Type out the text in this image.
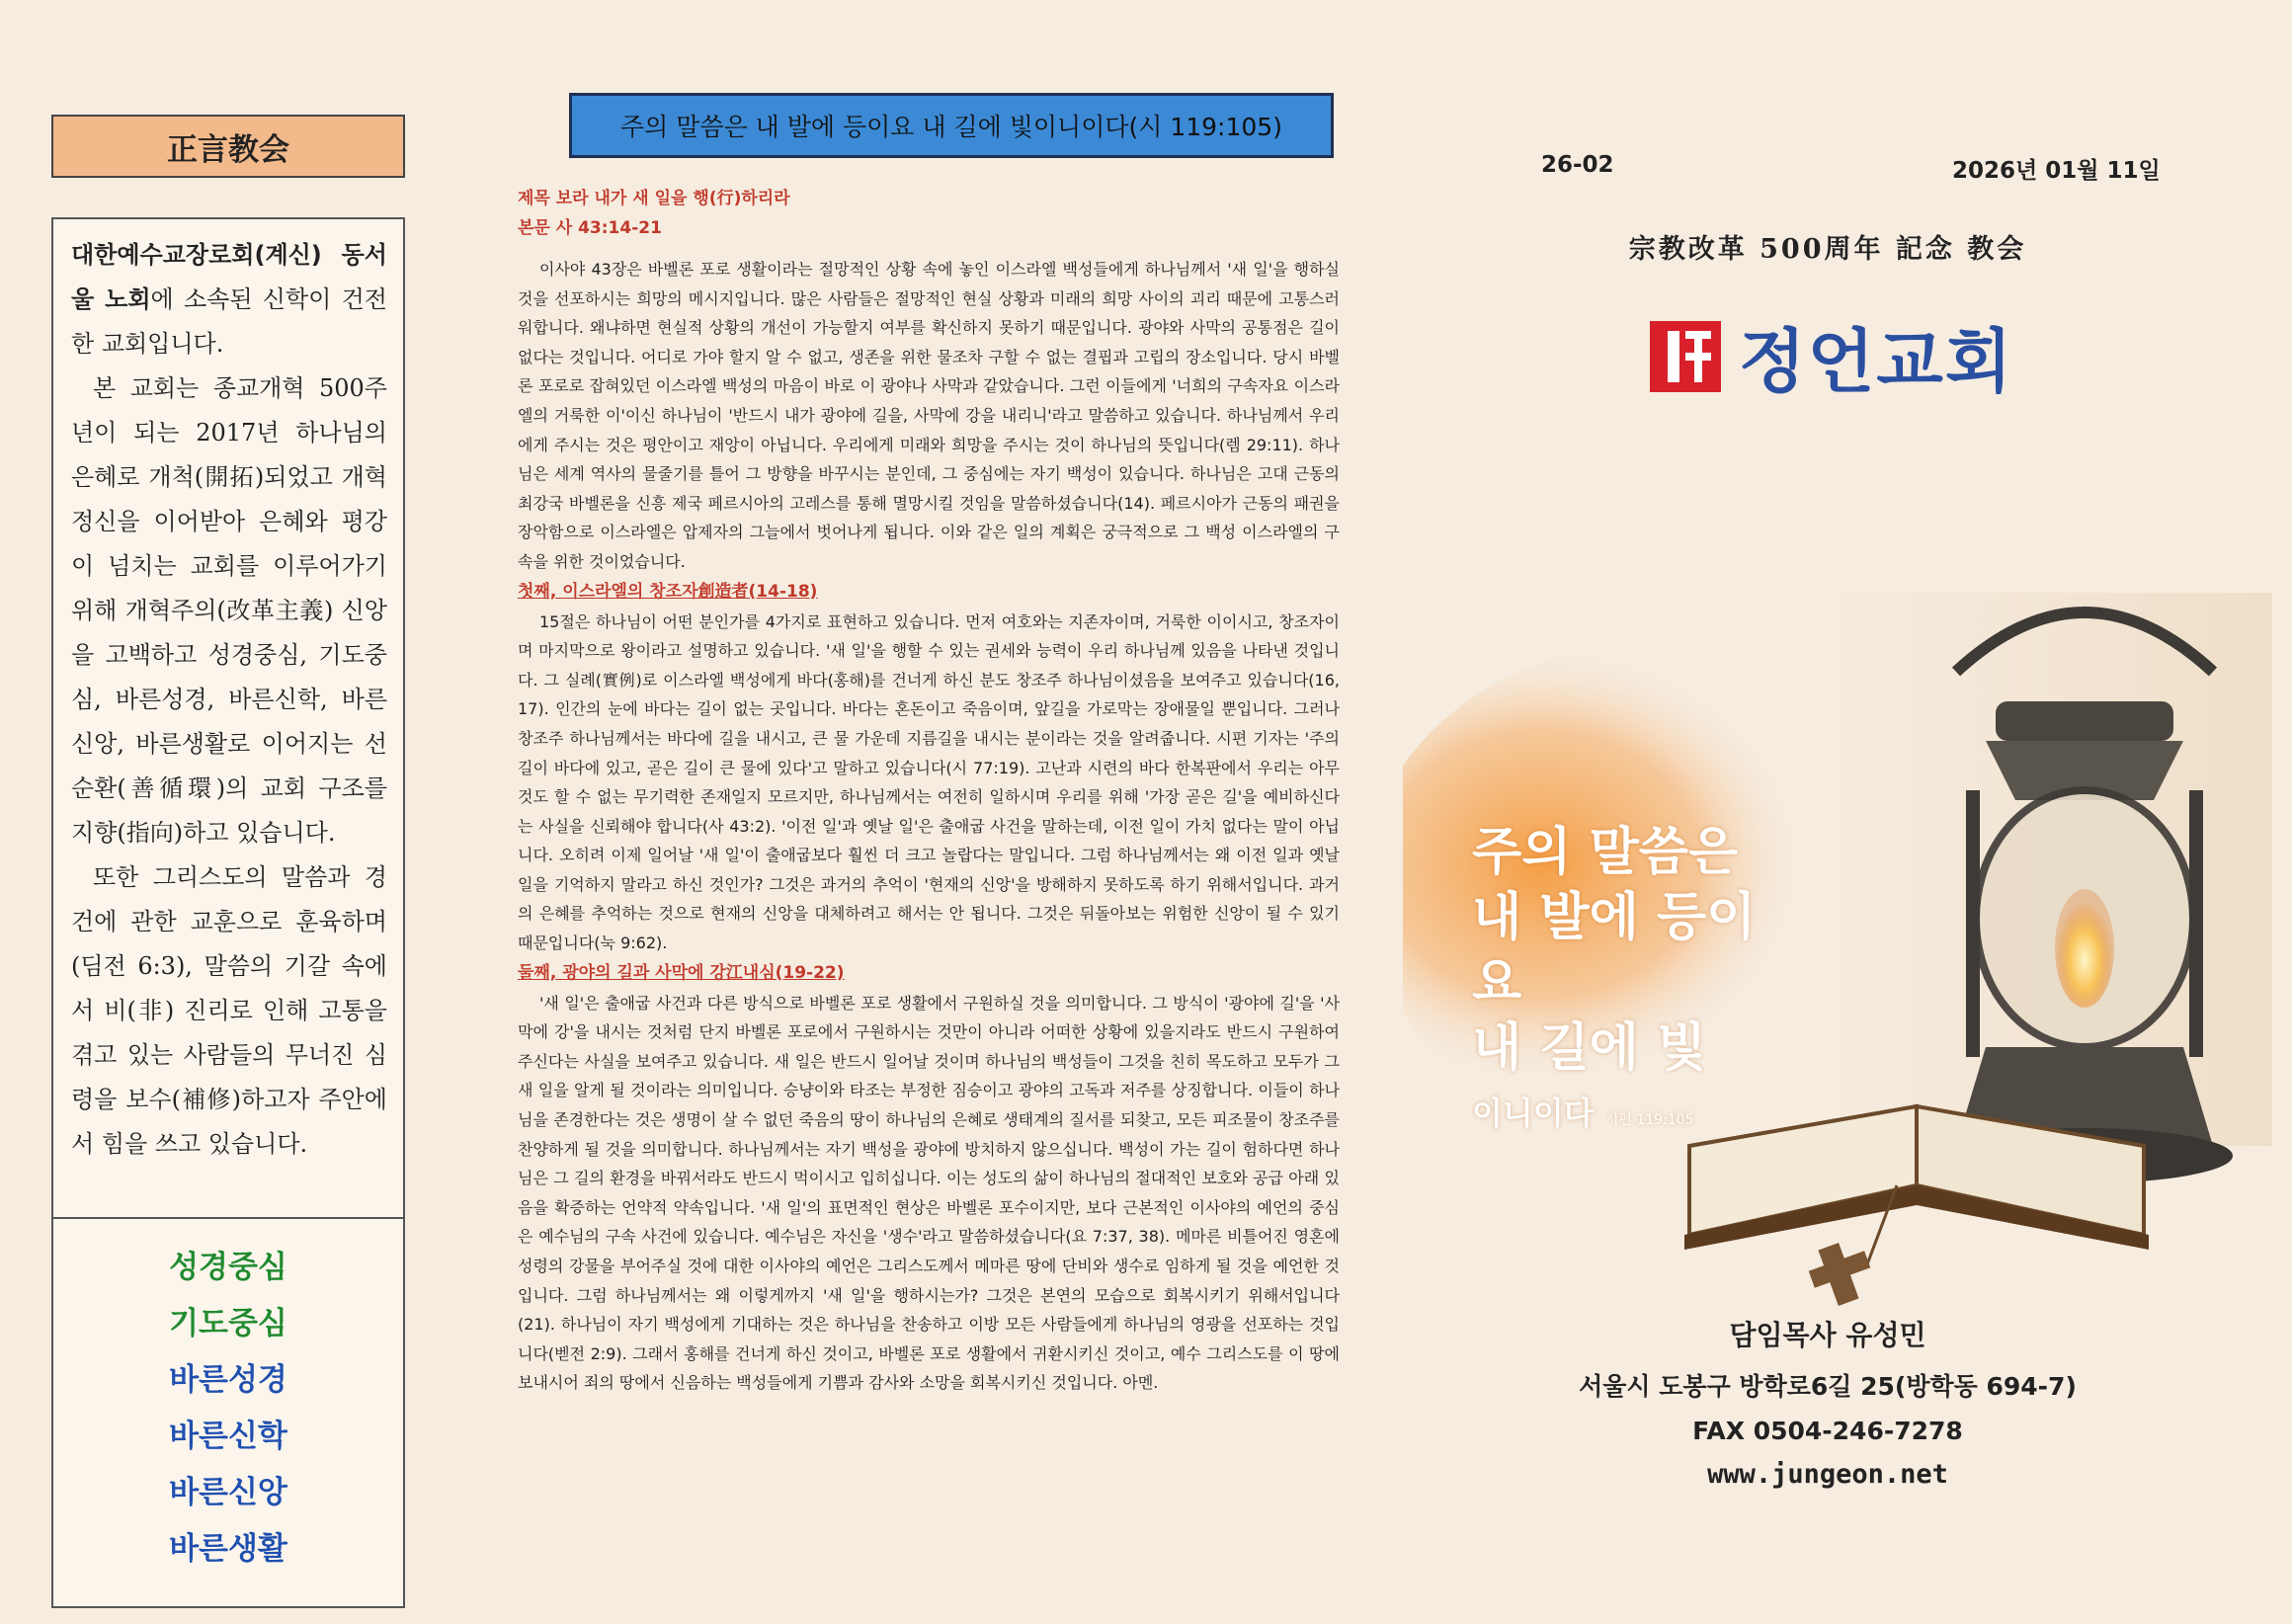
正言教会

대한예수교장로회(계신) 동서울 노회에 소속된 신학이 건전한 교회입니다.

본 교회는 종교개혁 500주년이 되는 2017년 하나님의 은혜로 개척(開拓)되었고 개혁정신을 이어받아 은혜와 평강이 넘치는 교회를 이루어가기 위해 개혁주의(改革主義) 신앙을 고백하고 성경중심, 기도중심, 바른성경, 바른신학, 바른신앙, 바른생활로 이어지는 선순환(善循環)의 교회 구조를 지향(指向)하고 있습니다.

또한 그리스도의 말씀과 경건에 관한 교훈으로 훈육하며(딤전 6:3), 말씀의 기갈 속에서 비(非) 진리로 인해 고통을 겪고 있는 사람들의 무너진 심령을 보수(補修)하고자 주안에서 힘을 쓰고 있습니다.

성경중심
기도중심
바른성경
바른신학
바른신앙
바른생활
주의 말씀은 내 발에 등이요 내 길에 빛이니이다(시 119:105)
제목 보라 내가 새 일을 행(行)하리라
본문 사 43:14-21

이사야 43장은 바벨론 포로 생활이라는 절망적인 상황 속에 놓인 이스라엘 백성들에게 하나님께서 '새 일'을 행하실 것을 선포하시는 희망의 메시지입니다. 많은 사람들은 절망적인 현실 상황과 미래의 희망 사이의 괴리 때문에 고통스러워합니다. 왜냐하면 현실적 상황의 개선이 가능할지 여부를 확신하지 못하기 때문입니다. 광야와 사막의 공통점은 길이 없다는 것입니다. 어디로 가야 할지 알 수 없고, 생존을 위한 물조차 구할 수 없는 결핍과 고립의 장소입니다. 당시 바벨론 포로로 잡혀있던 이스라엘 백성의 마음이 바로 이 광야나 사막과 같았습니다. 그런 이들에게 '너희의 구속자요 이스라엘의 거룩한 이'이신 하나님이 '반드시 내가 광야에 길을, 사막에 강을 내리니'라고 말씀하고 있습니다. 하나님께서 우리에게 주시는 것은 평안이고 재앙이 아닙니다. 우리에게 미래와 희망을 주시는 것이 하나님의 뜻입니다(렘 29:11). 하나님은 세계 역사의 물줄기를 틀어 그 방향을 바꾸시는 분인데, 그 중심에는 자기 백성이 있습니다. 하나님은 고대 근동의 최강국 바벨론을 신흥 제국 페르시아의 고레스를 통해 멸망시킬 것임을 말씀하셨습니다(14). 페르시아가 근동의 패권을 장악함으로 이스라엘은 압제자의 그늘에서 벗어나게 됩니다. 이와 같은 일의 계획은 궁극적으로 그 백성 이스라엘의 구속을 위한 것이었습니다.

첫째, 이스라엘의 창조자創造者(14-18)

15절은 하나님이 어떤 분인가를 4가지로 표현하고 있습니다. 먼저 여호와는 지존자이며, 거룩한 이이시고, 창조자이며 마지막으로 왕이라고 설명하고 있습니다. '새 일'을 행할 수 있는 권세와 능력이 우리 하나님께 있음을 나타낸 것입니다. 그 실례(實例)로 이스라엘 백성에게 바다(홍해)를 건너게 하신 분도 창조주 하나님이셨음을 보여주고 있습니다(16, 17). 인간의 눈에 바다는 길이 없는 곳입니다. 바다는 혼돈이고 죽음이며, 앞길을 가로막는 장애물일 뿐입니다. 그러나 창조주 하나님께서는 바다에 길을 내시고, 큰 물 가운데 지름길을 내시는 분이라는 것을 알려줍니다. 시편 기자는 '주의 길이 바다에 있고, 곧은 길이 큰 물에 있다'고 말하고 있습니다(시 77:19). 고난과 시련의 바다 한복판에서 우리는 아무 것도 할 수 없는 무기력한 존재일지 모르지만, 하나님께서는 여전히 일하시며 우리를 위해 '가장 곧은 길'을 예비하신다는 사실을 신뢰해야 합니다(사 43:2). '이전 일'과 옛날 일'은 출애굽 사건을 말하는데, 이전 일이 가치 없다는 말이 아닙니다. 오히려 이제 일어날 '새 일'이 출애굽보다 훨씬 더 크고 놀랍다는 말입니다. 그럼 하나님께서는 왜 이전 일과 옛날 일을 기억하지 말라고 하신 것인가? 그것은 과거의 추억이 '현재의 신앙'을 방해하지 못하도록 하기 위해서입니다. 과거의 은혜를 추억하는 것으로 현재의 신앙을 대체하려고 해서는 안 됩니다. 그것은 뒤돌아보는 위험한 신앙이 될 수 있기 때문입니다(눅 9:62).

둘째, 광야의 길과 사막에 강江내심(19-22)

'새 일'은 출애굽 사건과 다른 방식으로 바벨론 포로 생활에서 구원하실 것을 의미합니다. 그 방식이 '광야에 길'을 '사막에 강'을 내시는 것처럼 단지 바벨론 포로에서 구원하시는 것만이 아니라 어떠한 상황에 있을지라도 반드시 구원하여 주신다는 사실을 보여주고 있습니다. 새 일은 반드시 일어날 것이며 하나님의 백성들이 그것을 친히 목도하고 모두가 그 새 일을 알게 될 것이라는 의미입니다. 승냥이와 타조는 부정한 짐승이고 광야의 고독과 저주를 상징합니다. 이들이 하나님을 존경한다는 것은 생명이 살 수 없던 죽음의 땅이 하나님의 은혜로 생태계의 질서를 되찾고, 모든 피조물이 창조주를 찬양하게 될 것을 의미합니다. 하나님께서는 자기 백성을 광야에 방치하지 않으십니다. 백성이 가는 길이 험하다면 하나님은 그 길의 환경을 바꿔서라도 반드시 먹이시고 입히십니다. 이는 성도의 삶이 하나님의 절대적인 보호와 공급 아래 있음을 확증하는 언약적 약속입니다. '새 일'의 표면적인 현상은 바벨론 포수이지만, 보다 근본적인 이사야의 예언의 중심은 예수님의 구속 사건에 있습니다. 예수님은 자신을 '생수'라고 말씀하셨습니다(요 7:37, 38). 메마른 비틀어진 영혼에 성령의 강물을 부어주실 것에 대한 이사야의 예언은 그리스도께서 메마른 땅에 단비와 생수로 임하게 될 것을 예언한 것입니다. 그럼 하나님께서는 왜 이렇게까지 '새 일'을 행하시는가? 그것은 본연의 모습으로 회복시키기 위해서입니다(21). 하나님이 자기 백성에게 기대하는 것은 하나님을 찬송하고 이방 모든 사람들에게 하나님의 영광을 선포하는 것입니다(벧전 2:9). 그래서 홍해를 건너게 하신 것이고, 바벨론 포로 생활에서 귀환시키신 것이고, 예수 그리스도를 이 땅에 보내시어 죄의 땅에서 신음하는 백성들에게 기쁨과 감사와 소망을 회복시키신 것입니다. 아멘.

26-02	2026년 01월 11일
宗教改革 500周年 記念 教会
정언교회
주의 말씀은
내 발에 등이요
내 길에 빛
이니이다 시편 119:105
담임목사 유성민
서울시 도봉구 방학로6길 25(방학동 694-7)
FAX 0504-246-7278
www.jungeon.net
